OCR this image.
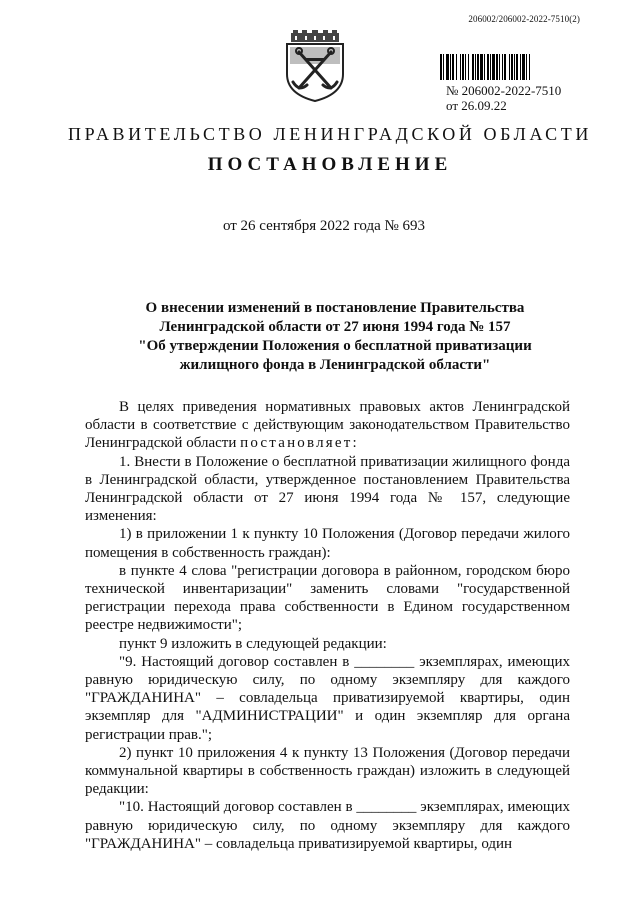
206002/206002-2022-7510(2)
№ 206002-2022-7510
от 26.09.22
ПРАВИТЕЛЬСТВО ЛЕНИНГРАДСКОЙ ОБЛАСТИ
ПОСТАНОВЛЕНИЕ
от 26 сентября 2022 года № 693
О внесении изменений в постановление Правительства
Ленинградской области от 27 июня 1994 года № 157
"Об утверждении Положения о бесплатной приватизации
жилищного фонда в Ленинградской области"

В целях приведения нормативных правовых актов Ленинградской области в соответствие с действующим законодательством Правительство Ленинградской области постановляет:

1. Внести в Положение о бесплатной приватизации жилищного фонда в Ленинградской области, утвержденное постановлением Правительства Ленинградской области от 27 июня 1994 года № 157, следующие изменения:

1) в приложении 1 к пункту 10 Положения (Договор передачи жилого помещения в собственность граждан):

в пункте 4 слова "регистрации договора в районном, городском бюро технической инвентаризации" заменить словами "государственной регистрации перехода права собственности в Едином государственном реестре недвижимости";

пункт 9 изложить в следующей редакции:

"9. Настоящий договор составлен в ________ экземплярах, имеющих равную юридическую силу, по одному экземпляру для каждого "ГРАЖДАНИНА" – совладельца приватизируемой квартиры, один экземпляр для "АДМИНИСТРАЦИИ" и один экземпляр для органа регистрации прав.";

2) пункт 10 приложения 4 к пункту 13 Положения (Договор передачи коммунальной квартиры в собственность граждан) изложить в следующей редакции:

"10. Настоящий договор составлен в ________ экземплярах, имеющих равную юридическую силу, по одному экземпляру для каждого "ГРАЖДАНИНА" – совладельца приватизируемой квартиры, один
